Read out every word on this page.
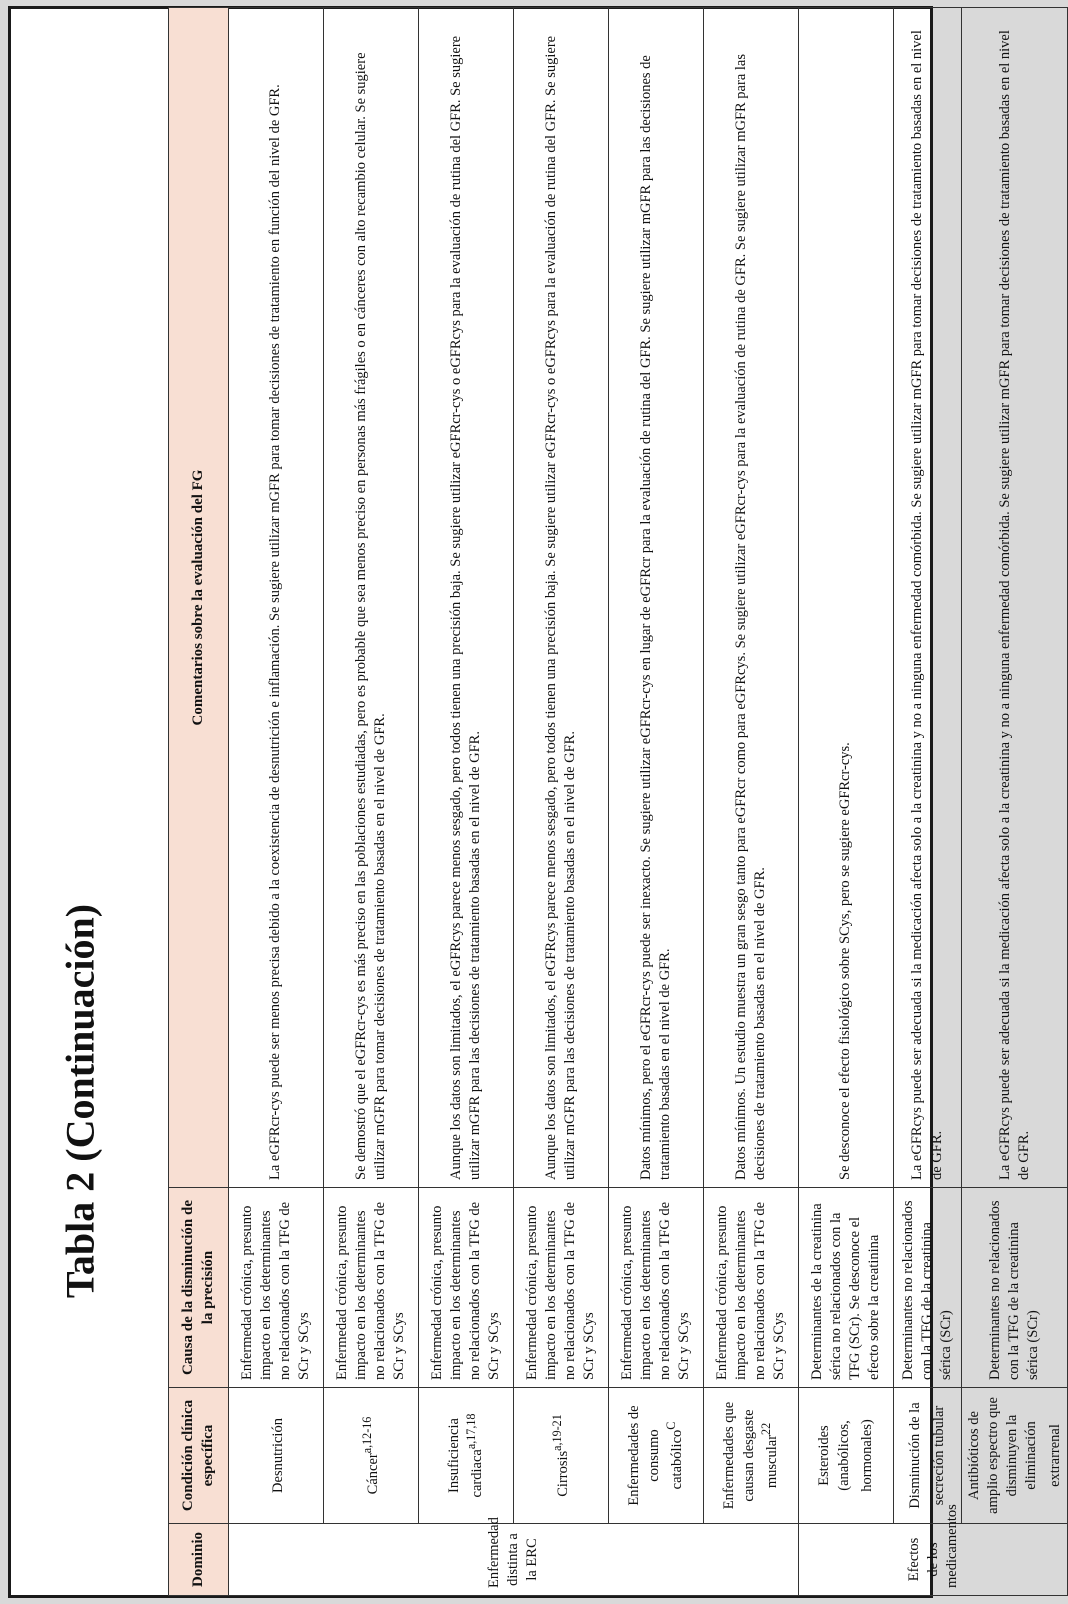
Tabla 2 (Continuación)
Dominio	Condición clínica específica	Causa de la disminución de la precisión	Comentarios sobre la evaluación del FG
Enfermedad distinta a la ERC	Desnutrición	Enfermedad crónica, presunto impacto en los determinantes no relacionados con la TFG de SCr y SCys	La eGFRcr-cys puede ser menos precisa debido a la coexistencia de desnutrición e inflamación. Se sugiere utilizar mGFR para tomar decisiones de tratamiento en función del nivel de GFR.
	Cáncer$^{a,12-16}$	Enfermedad crónica, presunto impacto en los determinantes no relacionados con la TFG de SCr y SCys	Se demostró que el eGFRcr-cys es más preciso en las poblaciones estudiadas, pero es probable que sea menos preciso en personas más frágiles o en cánceres con alto recambio celular. Se sugiere utilizar mGFR para tomar decisiones de tratamiento basadas en el nivel de GFR.
	Insuficiencia cardiaca$^{a,17,18}$	Enfermedad crónica, presunto impacto en los determinantes no relacionados con la TFG de SCr y SCys	Aunque los datos son limitados, el eGFRcys parece menos sesgado, pero todos tienen una precisión baja. Se sugiere utilizar eGFRcr-cys o eGFRcys para la evaluación de rutina del GFR. Se sugiere utilizar mGFR para las decisiones de tratamiento basadas en el nivel de GFR.
	Cirrosis$^{a,19-21}$	Enfermedad crónica, presunto impacto en los determinantes no relacionados con la TFG de SCr y SCys	Aunque los datos son limitados, el eGFRcys parece menos sesgado, pero todos tienen una precisión baja. Se sugiere utilizar eGFRcr-cys o eGFRcys para la evaluación de rutina del GFR. Se sugiere utilizar mGFR para las decisiones de tratamiento basadas en el nivel de GFR.
	Enfermedades de consumo catabólico$^C$	Enfermedad crónica, presunto impacto en los determinantes no relacionados con la TFG de SCr y SCys	Datos mínimos, pero el eGFRcr-cys puede ser inexacto. Se sugiere utilizar eGFRcr-cys en lugar de eGFRcr para la evaluación de rutina del GFR. Se sugiere utilizar mGFR para las decisiones de tratamiento basadas en el nivel de GFR.
	Enfermedades que causan desgaste muscular$^{22}$	Enfermedad crónica, presunto impacto en los determinantes no relacionados con la TFG de SCr y SCys	Datos mínimos. Un estudio muestra un gran sesgo tanto para eGFRcr como para eGFRcys. Se sugiere utilizar eGFRcr-cys para la evaluación de rutina de GFR. Se sugiere utilizar mGFR para las decisiones de tratamiento basadas en el nivel de GFR.
Efectos de los medicamentos	Esteroides (anabólicos, hormonales)	Determinantes de la creatinina sérica no relacionados con la TFG (SCr). Se desconoce el efecto sobre la creatinina	Se desconoce el efecto fisiológico sobre SCys, pero se sugiere eGFRcr-cys.
	Disminución de la secreción tubular	Determinantes no relacionados con la TFG de la creatinina sérica (SCr)	La eGFRcys puede ser adecuada si la medicación afecta solo a la creatinina y no a ninguna enfermedad comórbida. Se sugiere utilizar mGFR para tomar decisiones de tratamiento basadas en el nivel de GFR.
	Antibióticos de amplio espectro que disminuyen la eliminación extrarrenal	Determinantes no relacionados con la TFG de la creatinina sérica (SCr)	La eGFRcys puede ser adecuada si la medicación afecta solo a la creatinina y no a ninguna enfermedad comórbida. Se sugiere utilizar mGFR para tomar decisiones de tratamiento basadas en el nivel de GFR.
